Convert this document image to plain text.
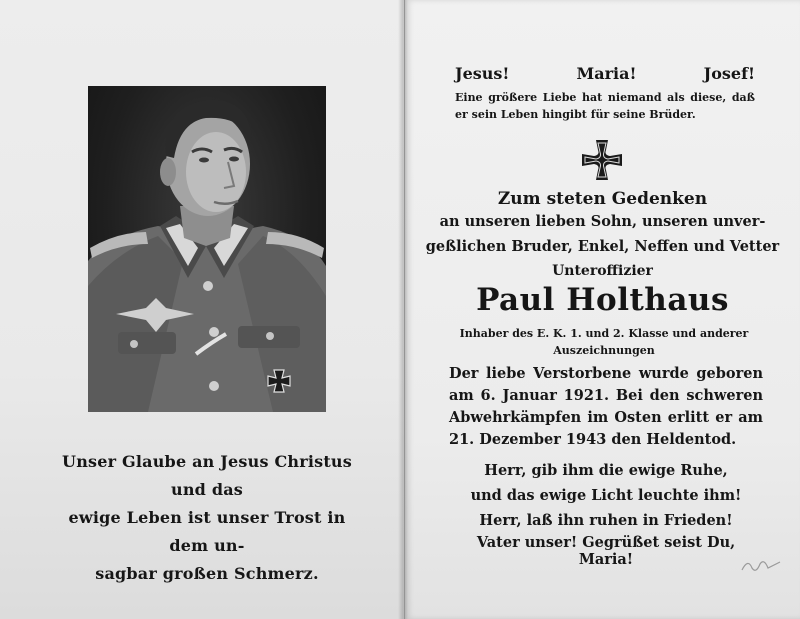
Unser Glaube an Jesus Christus und das
ewige Leben ist unser Trost in dem un-
sagbar großen Schmerz.
Jesus!	Maria!	Josef!
Eine größere Liebe hat niemand als diese, daß er sein Leben hingibt für seine Brüder.
Zum steten Gedenken
an unseren lieben Sohn, unseren unver-
geßlichen Bruder, Enkel, Neffen und Vetter
Unteroffizier
Paul Holthaus
Inhaber des E. K. 1. und 2. Klasse und anderer Auszeichnungen
Der liebe Verstorbene wurde geboren am 6. Januar 1921. Bei den schweren Abwehrkämpfen im Osten erlitt er am 21. Dezember 1943 den Heldentod.
Herr, gib ihm die ewige Ruhe,
und das ewige Licht leuchte ihm!
Herr, laß ihn ruhen in Frieden!
Vater unser! Gegrüßet seist Du, Maria!
